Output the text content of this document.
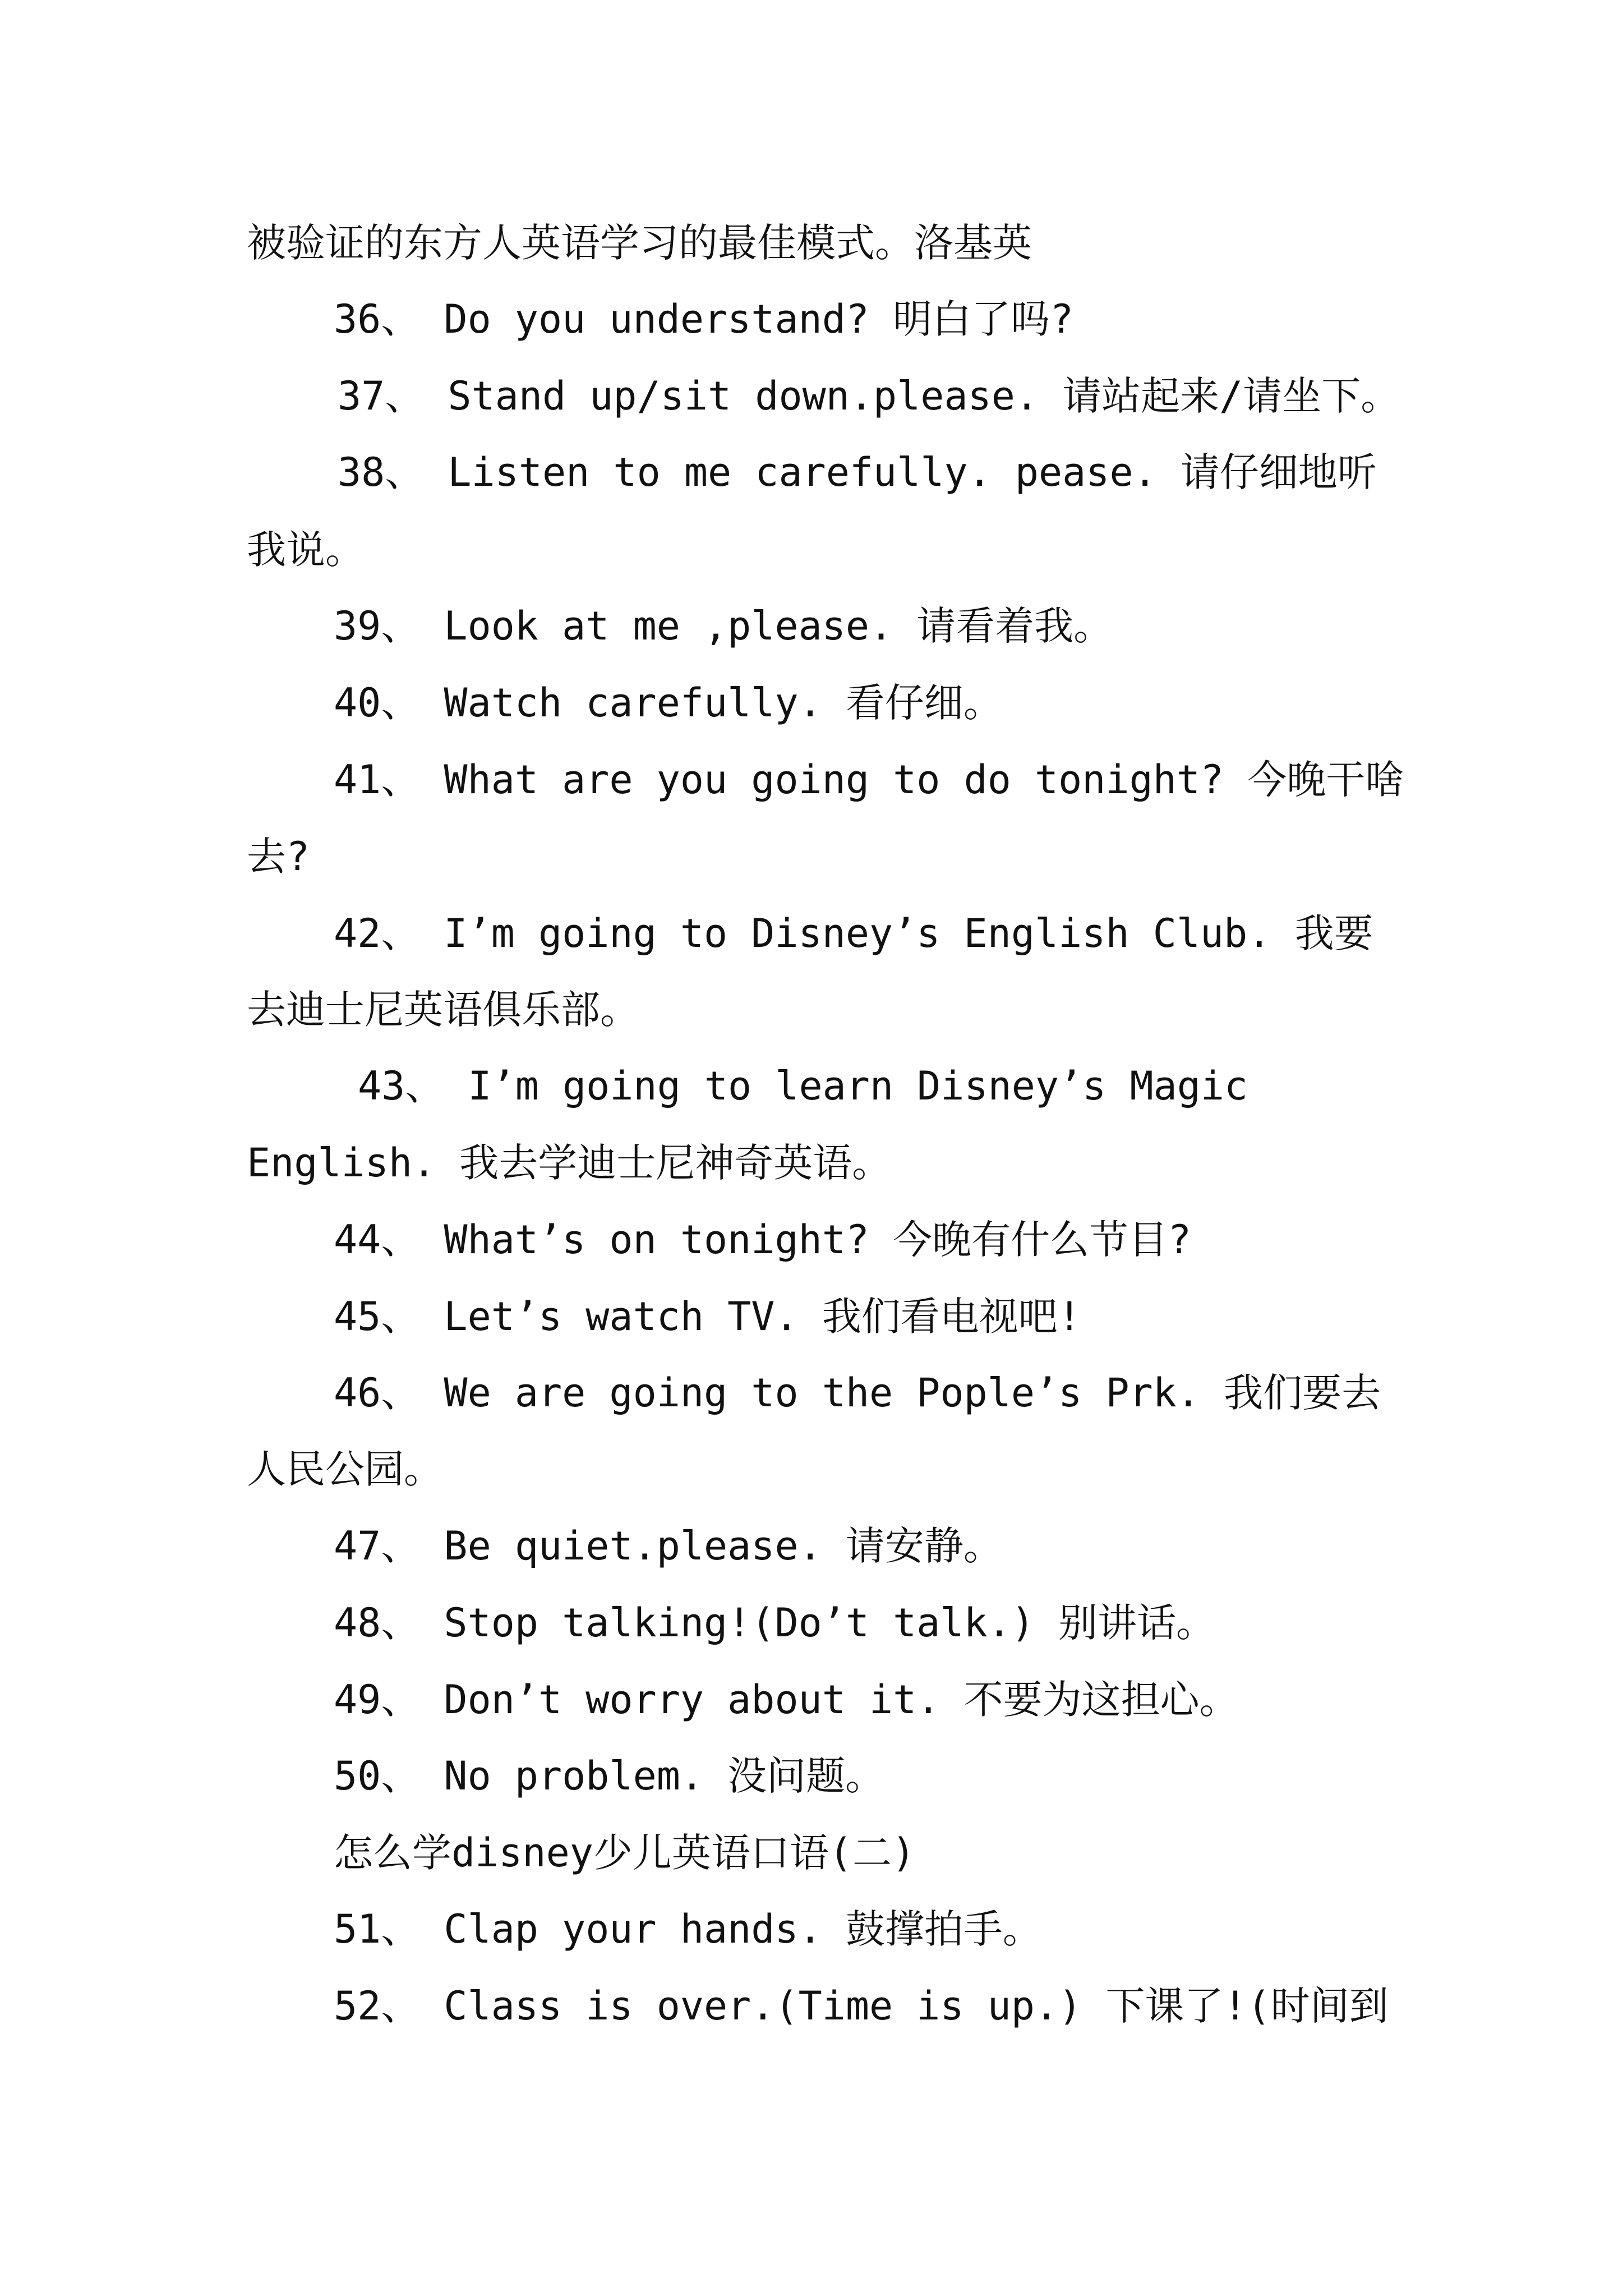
被验证的东方人英语学习的最佳模式。洛基英
36、 Do you understand? 明白了吗?
37、 Stand up/sit down.please. 请站起来/请坐下。
38、 Listen to me carefully. pease. 请仔细地听
我说。
39、 Look at me ,please. 请看着我。
40、 Watch carefully. 看仔细。
41、 What are you going to do tonight? 今晚干啥
去?
42、 I’m going to Disney’s English Club. 我要
去迪士尼英语俱乐部。
43、 I’m going to learn Disney’s Magic
English. 我去学迪士尼神奇英语。
44、 What’s on tonight? 今晚有什么节目?
45、 Let’s watch TV. 我们看电视吧!
46、 We are going to the Pople’s Prk. 我们要去
人民公园。
47、 Be quiet.please. 请安静。
48、 Stop talking!(Do’t talk.) 别讲话。
49、 Don’t worry about it. 不要为这担心。
50、 No problem. 没问题。
怎么学disney少儿英语口语(二)
51、 Clap your hands. 鼓撑拍手。
52、 Class is over.(Time is up.) 下课了!(时间到
